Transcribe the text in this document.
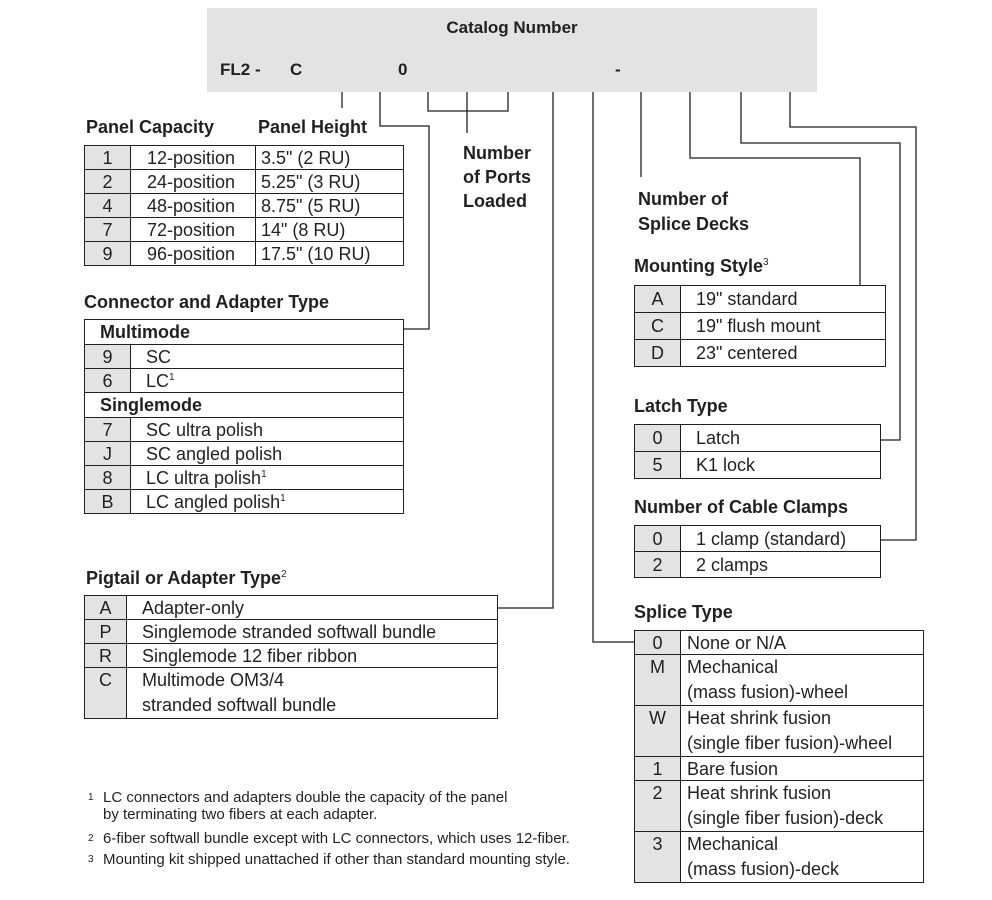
Catalog Number
FL2 - C	0	-
Panel Capacity Panel Height
1	12-position	3.5" (2 RU)
2	24-position	5.25" (3 RU)
4	48-position	8.75" (5 RU)
7	72-position	14" (8 RU)
9	96-position	17.5" (10 RU)
Number
of Ports
Loaded
Connector and Adapter Type
Multimode	
9	SC
6	$LC^1$
Singlemode	
7	SC ultra polish
J	SC angled polish
8	LC ultra polish$^1$
B	LC angled polish$^1$
Pigtail or Adapter Type$^2$
A	Adapter-only
P	Singlemode stranded softwall bundle
R	Singlemode 12 fiber ribbon
C	Multimode OM3/4
stranded softwall bundle
Number of
Splice Decks
Mounting Style$^3$
A	19" standard
C	19" flush mount
D	23" centered
Latch Type
0	Latch
5	K1 lock
Number of Cable Clamps
0	1 clamp (standard)
2	2 clamps
Splice Type
0	None or N/A
M	Mechanical
(mass fusion)-wheel

W	Heat shrink fusion
(single fiber fusion)-wheel

1	Bare fusion
2	Heat shrink fusion
(single fiber fusion)-deck

3	Mechanical
(mass fusion)-deck
1 LC connectors and adapters double the capacity of the panel
by terminating two fibers at each adapter.
2 6-fiber softwall bundle except with LC connectors, which uses 12-fiber.
3 Mounting kit shipped unattached if other than standard mounting style.
